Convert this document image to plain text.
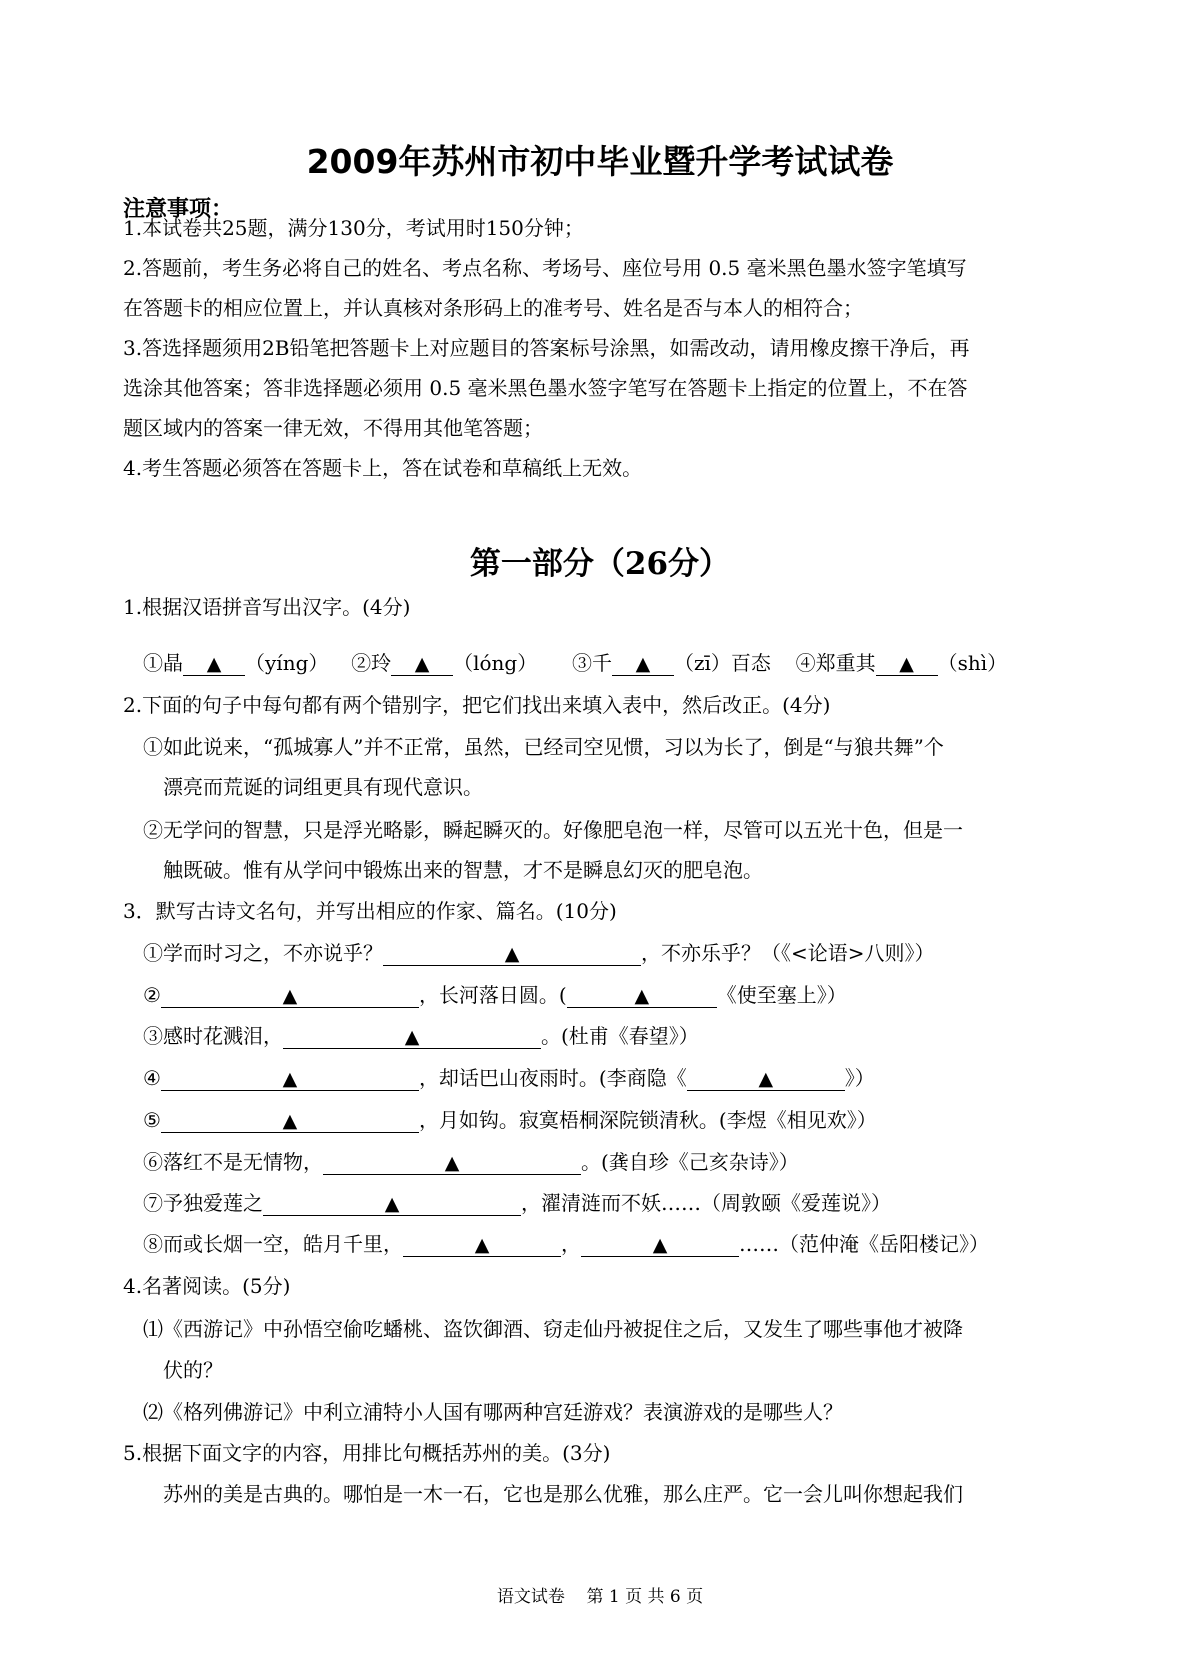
2009年苏州市初中毕业暨升学考试试卷
注意事项：
1.本试卷共25题，满分130分，考试用时150分钟；
2.答题前，考生务必将自己的姓名、考点名称、考场号、座位号用 0.5 毫米黑色墨水签字笔填写
在答题卡的相应位置上，并认真核对条形码上的准考号、姓名是否与本人的相符合；
3.答选择题须用2B铅笔把答题卡上对应题目的答案标号涂黑，如需改动，请用橡皮擦干净后，再
选涂其他答案；答非选择题必须用 0.5 毫米黑色墨水签字笔写在答题卡上指定的位置上，不在答
题区域内的答案一律无效，不得用其他笔答题；
4.考生答题必须答在答题卡上，答在试卷和草稿纸上无效。
第一部分（26分）
1.根据汉语拼音写出汉字。(4分)
①晶 ▲ （yíng） ②玲 ▲ （lóng） ③千 ▲ （zī）百态 ④郑重其 ▲ （shì）
2.下面的句子中每句都有两个错别字，把它们找出来填入表中，然后改正。(4分)
①如此说来，“孤城寡人”并不正常，虽然，已经司空见惯，习以为长了，倒是“与狼共舞”个
漂亮而荒诞的词组更具有现代意识。
②无学问的智慧，只是浮光略影，瞬起瞬灭的。好像肥皂泡一样，尽管可以五光十色，但是一
触既破。惟有从学问中锻炼出来的智慧，才不是瞬息幻灭的肥皂泡。
3．默写古诗文名句，并写出相应的作家、篇名。(10分)
①学而时习之，不亦说乎？	▲	，不亦乐乎？（《<论语>八则》）
②	▲	，长河落日圆。(	▲	《使至塞上》）
③感时花溅泪，	▲	。(杜甫《春望》）
④	▲	，却话巴山夜雨时。(李商隐《	▲	》）
⑤	▲	，月如钩。寂寞梧桐深院锁清秋。(李煜《相见欢》）
⑥落红不是无情物，	▲	。(龚自珍《己亥杂诗》）
⑦予独爱莲之	▲	，濯清涟而不妖……（周敦颐《爱莲说》）
⑧而或长烟一空，皓月千里，	▲	，	▲	……（范仲淹《岳阳楼记》）
4.名著阅读。(5分)
⑴《西游记》中孙悟空偷吃蟠桃、盗饮御酒、窃走仙丹被捉住之后，又发生了哪些事他才被降
伏的？
⑵《格列佛游记》中利立浦特小人国有哪两种宫廷游戏？表演游戏的是哪些人？
5.根据下面文字的内容，用排比句概括苏州的美。(3分)
苏州的美是古典的。哪怕是一木一石，它也是那么优雅，那么庄严。它一会儿叫你想起我们
语文试卷    第 1 页 共 6 页
